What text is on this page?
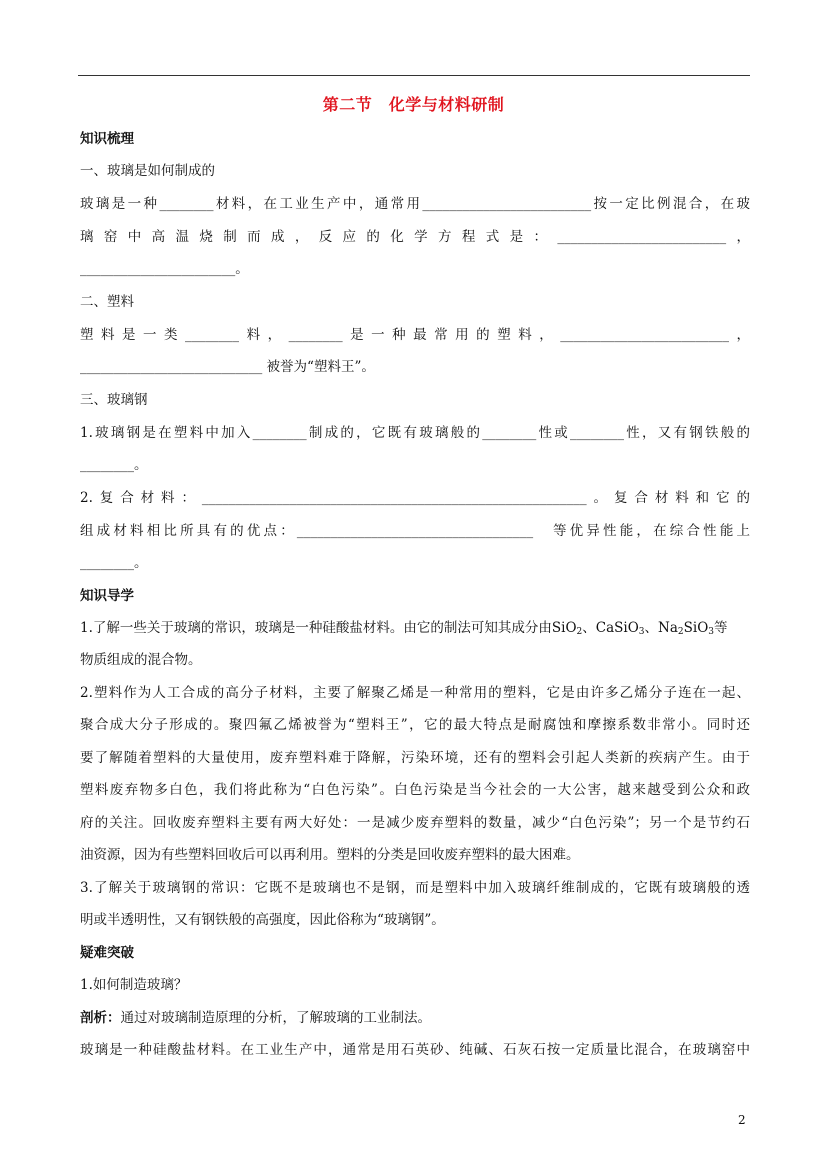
第二节　化学与材料研制
知识梳理
一、玻璃是如何制成的
玻璃是一种________材料，在工业生产中，通常用_________________________按一定比例混合，在玻
璃窑中高温烧制而成，反应的化学方程式是：_________________________，
_______________________。
二、塑料
塑料是一类________料，________是一种最常用的塑料，_________________________，
___________________________ 被誉为“塑料王”。
三、玻璃钢
1.玻璃钢是在塑料中加入________制成的，它既有玻璃般的________性或________性，又有钢铁般的
________。
2.复合材料：_________________________________________________________。复合材料和它的
组成材料相比所具有的优点：___________________________________　等优异性能，在综合性能上
________。
知识导学
1.了解一些关于玻璃的常识，玻璃是一种硅酸盐材料。由它的制法可知其成分由SiO$_2$、CaSiO$_3$、$Na_2SiO_3$等
物质组成的混合物。
2.塑料作为人工合成的高分子材料，主要了解聚乙烯是一种常用的塑料，它是由许多乙烯分子连在一起、
聚合成大分子形成的。聚四氟乙烯被誉为“塑料王”，它的最大特点是耐腐蚀和摩擦系数非常小。同时还
要了解随着塑料的大量使用，废弃塑料难于降解，污染环境，还有的塑料会引起人类新的疾病产生。由于
塑料废弃物多白色，我们将此称为“白色污染”。白色污染是当今社会的一大公害，越来越受到公众和政
府的关注。回收废弃塑料主要有两大好处：一是减少废弃塑料的数量，减少“白色污染”；另一个是节约石
油资源，因为有些塑料回收后可以再利用。塑料的分类是回收废弃塑料的最大困难。
3.了解关于玻璃钢的常识：它既不是玻璃也不是钢，而是塑料中加入玻璃纤维制成的，它既有玻璃般的透
明或半透明性，又有钢铁般的高强度，因此俗称为“玻璃钢”。
疑难突破
1.如何制造玻璃？
剖析：通过对玻璃制造原理的分析，了解玻璃的工业制法。
玻璃是一种硅酸盐材料。在工业生产中，通常是用石英砂、纯碱、石灰石按一定质量比混合，在玻璃窑中
2
